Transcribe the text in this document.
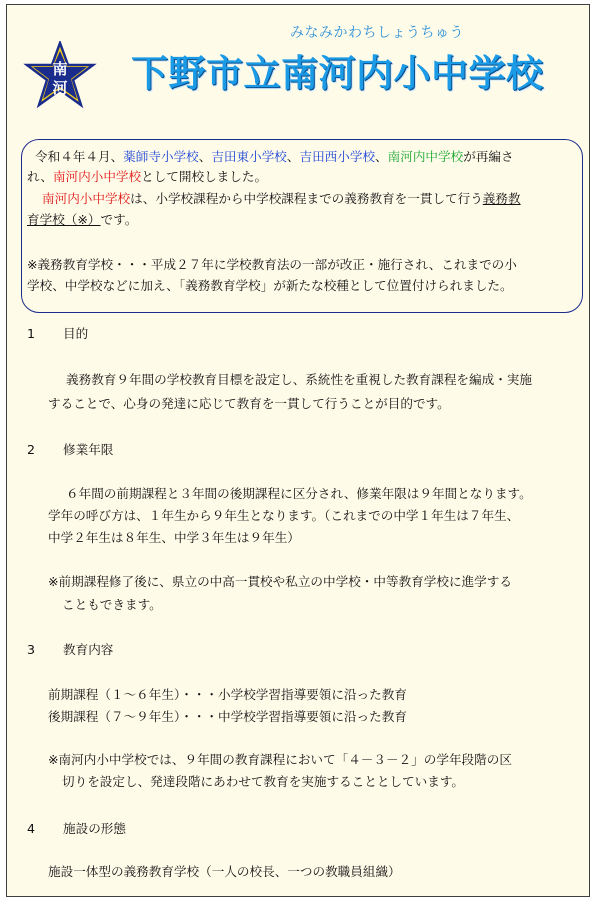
南
河
みなみかわちしょうちゅう
下野市立南河内小中学校
令和４年４月、薬師寺小学校、吉田東小学校、吉田西小学校、南河内中学校が再編さ
れ、南河内小中学校として開校しました。
南河内小中学校は、小学校課程から中学校課程までの義務教育を一貫して行う義務教
育学校（※）です。
※義務教育学校・・・平成２７年に学校教育法の一部が改正・施行され、これまでの小
学校、中学校などに加え、「義務教育学校」が新たな校種として位置付けられました。
1 目的
義務教育９年間の学校教育目標を設定し、系統性を重視した教育課程を編成・実施
することで、心身の発達に応じて教育を一貫して行うことが目的です。
2 修業年限
６年間の前期課程と３年間の後期課程に区分され、修業年限は９年間となります。
学年の呼び方は、１年生から９年生となります。（これまでの中学１年生は７年生、
中学２年生は８年生、中学３年生は９年生）
※前期課程修了後に、県立の中高一貫校や私立の中学校・中等教育学校に進学する
こともできます。
3 教育内容
前期課程（１～６年生）・・・小学校学習指導要領に沿った教育
後期課程（７～９年生）・・・中学校学習指導要領に沿った教育
※南河内小中学校では、９年間の教育課程において「４－３－２」の学年段階の区
切りを設定し、発達段階にあわせて教育を実施することとしています。
4 施設の形態
施設一体型の義務教育学校（一人の校長、一つの教職員組織）
